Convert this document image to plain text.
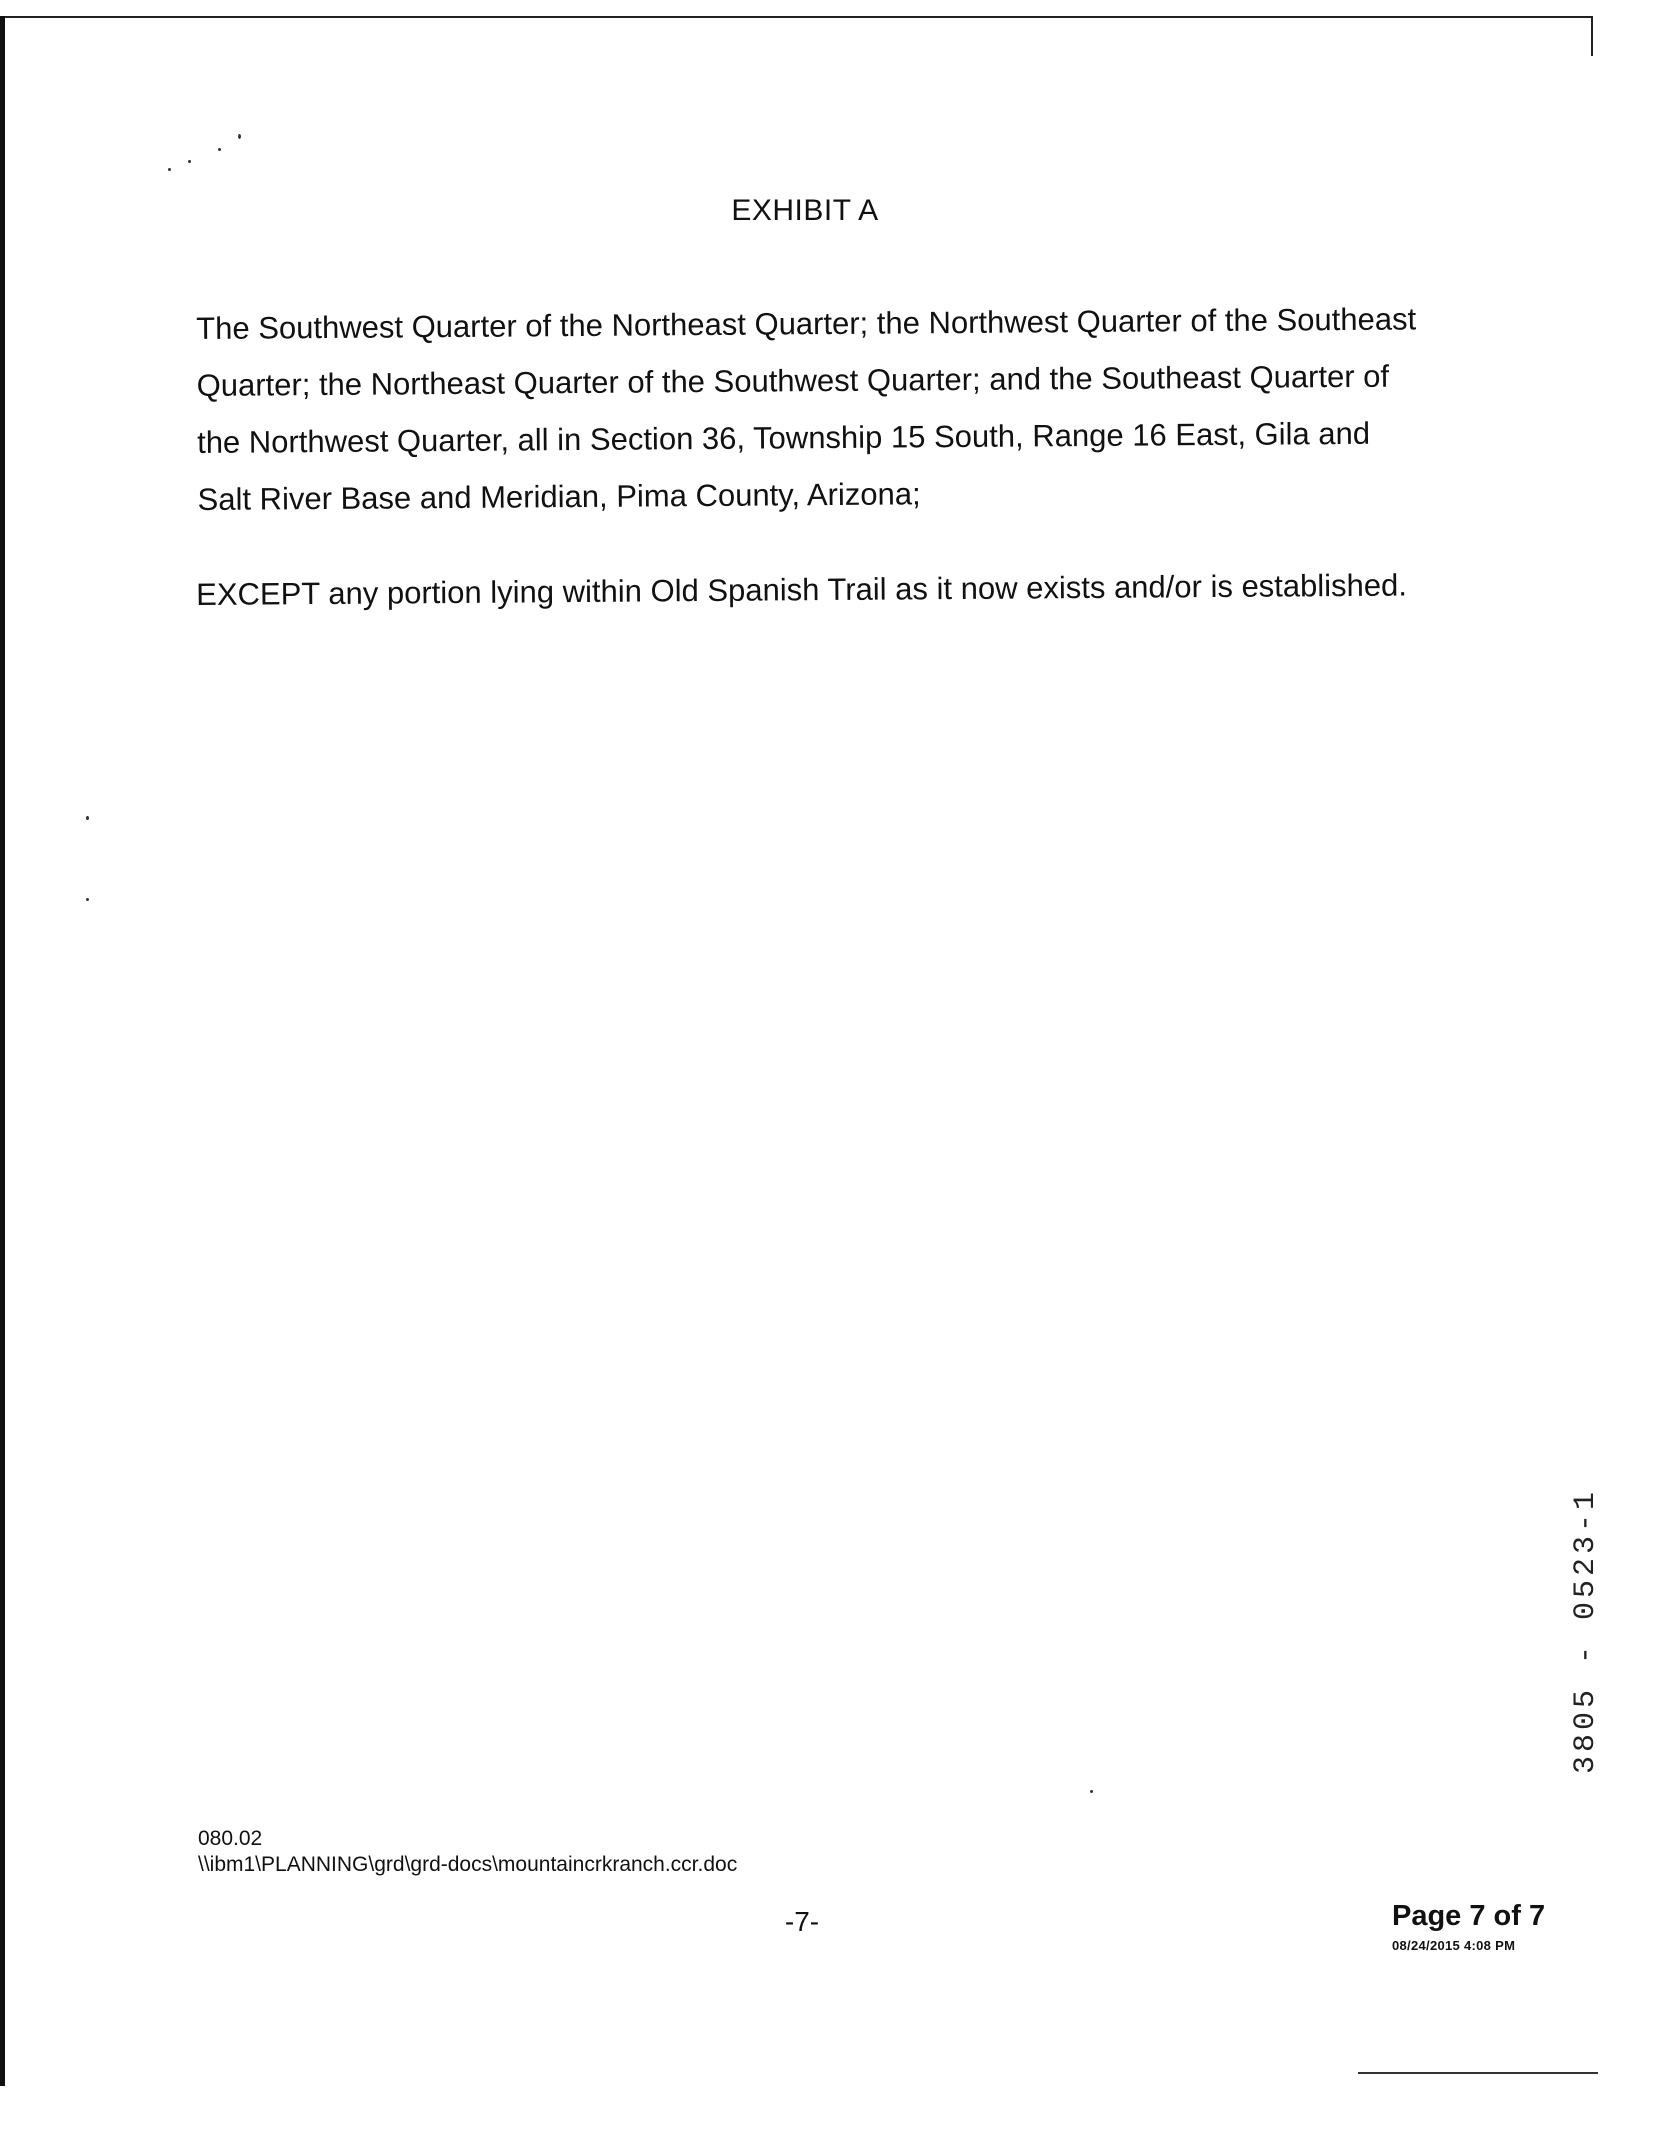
EXHIBIT A
The Southwest Quarter of the Northeast Quarter; the Northwest Quarter of the Southeast Quarter; the Northeast Quarter of the Southwest Quarter; and the Southeast Quarter of the Northwest Quarter, all in Section 36, Township 15 South, Range 16 East, Gila and Salt River Base and Meridian, Pima County, Arizona;
EXCEPT any portion lying within Old Spanish Trail as it now exists and/or is established.
3805 - 0523-1
080.02
\\ibm1\PLANNING\grd\grd-docs\mountaincrkranch.ccr.doc
-7-	Page 7 of 7
08/24/2015 4:08 PM
